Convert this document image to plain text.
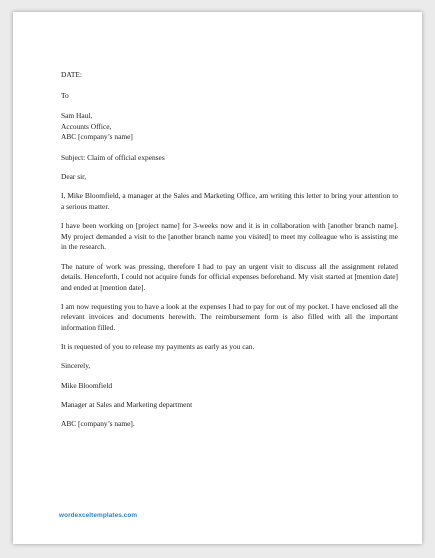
DATE:

To

Sam Haul,
Accounts Office,
ABC [company’s name]

Subject: Claim of official expenses

Dear sir,

I, Mike Bloomfield, a manager at the Sales and Marketing Office, am writing this letter to bring your attention to a serious matter.

I have been working on [project name] for 3-weeks now and it is in collaboration with [another branch name]. My project demanded a visit to the [another branch name you visited] to meet my colleague who is assisting me in the research.

The nature of work was pressing, therefore I had to pay an urgent visit to discuss all the assignment related details. Henceforth, I could not acquire funds for official expenses beforehand. My visit started at [mention date] and ended at [mention date].

I am now requesting you to have a look at the expenses I had to pay for out of my pocket. I have enclosed all the relevant invoices and documents herewith. The reimbursement form is also filled with all the important information filled.

It is requested of you to release my payments as early as you can.

Sincerely,

Mike Bloomfield

Manager at Sales and Marketing department

ABC [company’s name].

wordexceltemplates.com
